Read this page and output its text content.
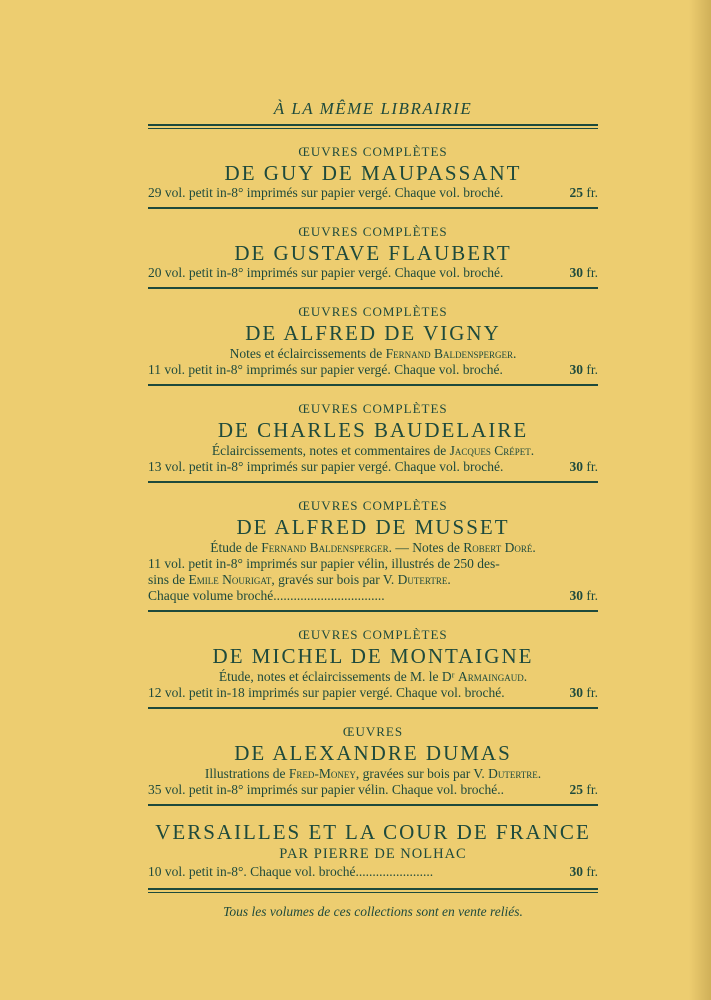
À LA MÊME LIBRAIRIE
ŒUVRES COMPLÈTES
DE GUY DE MAUPASSANT
29 vol. petit in-8° imprimés sur papier vergé. Chaque vol. broché.	25 fr.
ŒUVRES COMPLÈTES
DE GUSTAVE FLAUBERT
20 vol. petit in-8° imprimés sur papier vergé. Chaque vol. broché.	30 fr.
ŒUVRES COMPLÈTES
DE ALFRED DE VIGNY
Notes et éclaircissements de Fernand Baldensperger.
11 vol. petit in-8° imprimés sur papier vergé. Chaque vol. broché.	30 fr.
ŒUVRES COMPLÈTES
DE CHARLES BAUDELAIRE
Éclaircissements, notes et commentaires de Jacques Crépet.
13 vol. petit in-8° imprimés sur papier vergé. Chaque vol. broché.	30 fr.
ŒUVRES COMPLÈTES
DE ALFRED DE MUSSET
Étude de Fernand Baldensperger. — Notes de Robert Doré.
11 vol. petit in-8° imprimés sur papier vélin, illustrés de 250 des-
sins de Emile Nourigat, gravés sur bois par V. Dutertre.
Chaque volume broché.................................	30 fr.
ŒUVRES COMPLÈTES
DE MICHEL DE MONTAIGNE
Étude, notes et éclaircissements de M. le Dʳ Armaingaud.
12 vol. petit in-18 imprimés sur papier vergé. Chaque vol. broché.	30 fr.
ŒUVRES
DE ALEXANDRE DUMAS
Illustrations de Fred-Money, gravées sur bois par V. Dutertre.
35 vol. petit in-8° imprimés sur papier vélin. Chaque vol. broché..	25 fr.
VERSAILLES ET LA COUR DE FRANCE
PAR PIERRE DE NOLHAC
10 vol. petit in-8°. Chaque vol. broché.......................	30 fr.
Tous les volumes de ces collections sont en vente reliés.
